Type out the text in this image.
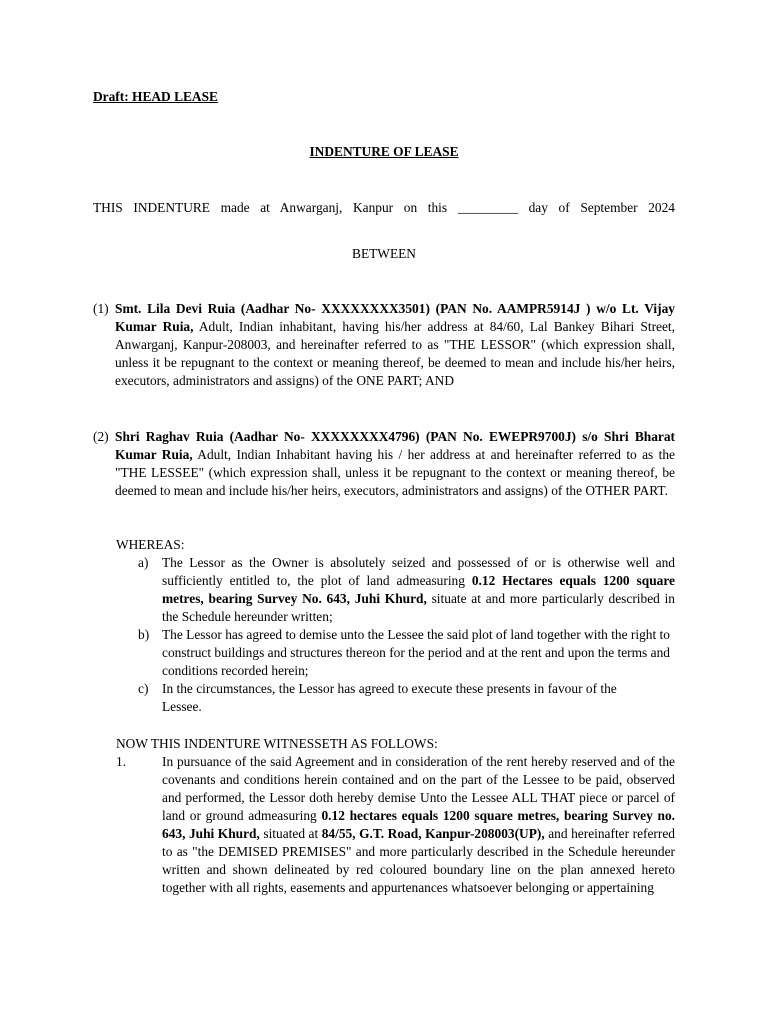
Draft: HEAD LEASE
INDENTURE OF LEASE
THIS INDENTURE made at Anwarganj, Kanpur on this _________ day of September 2024
BETWEEN
(1) Smt. Lila Devi Ruia (Aadhar No- XXXXXXXX3501) (PAN No. AAMPR5914J ) w/o Lt. Vijay Kumar Ruia, Adult, Indian inhabitant, having his/her address at 84/60, Lal Bankey Bihari Street, Anwarganj, Kanpur-208003, and hereinafter referred to as "THE LESSOR" (which expression shall, unless it be repugnant to the context or meaning thereof, be deemed to mean and include his/her heirs, executors, administrators and assigns) of the ONE PART; AND
(2) Shri Raghav Ruia (Aadhar No- XXXXXXXX4796) (PAN No. EWEPR9700J) s/o Shri Bharat Kumar Ruia, Adult, Indian Inhabitant having his / her address at and hereinafter referred to as the "THE LESSEE" (which expression shall, unless it be repugnant to the context or meaning thereof, be deemed to mean and include his/her heirs, executors, administrators and assigns) of the OTHER PART.
WHEREAS:
a) The Lessor as the Owner is absolutely seized and possessed of or is otherwise well and sufficiently entitled to, the plot of land admeasuring 0.12 Hectares equals 1200 square metres, bearing Survey No. 643, Juhi Khurd, situate at and more particularly described in the Schedule hereunder written;
b) The Lessor has agreed to demise unto the Lessee the said plot of land together with the right to construct buildings and structures thereon for the period and at the rent and upon the terms and conditions recorded herein;
c) In the circumstances, the Lessor has agreed to execute these presents in favour of the Lessee.
NOW THIS INDENTURE WITNESSETH AS FOLLOWS:
1.	In pursuance of the said Agreement and in consideration of the rent hereby reserved and of the covenants and conditions herein contained and on the part of the Lessee to be paid, observed and performed, the Lessor doth hereby demise Unto the Lessee ALL THAT piece or parcel of land or ground admeasuring 0.12 hectares equals 1200 square metres, bearing Survey no. 643, Juhi Khurd, situated at 84/55, G.T. Road, Kanpur-208003(UP), and hereinafter referred to as "the DEMISED PREMISES" and more particularly described in the Schedule hereunder written and shown delineated by red coloured boundary line on the plan annexed hereto together with all rights, easements and appurtenances whatsoever belonging or appertaining
